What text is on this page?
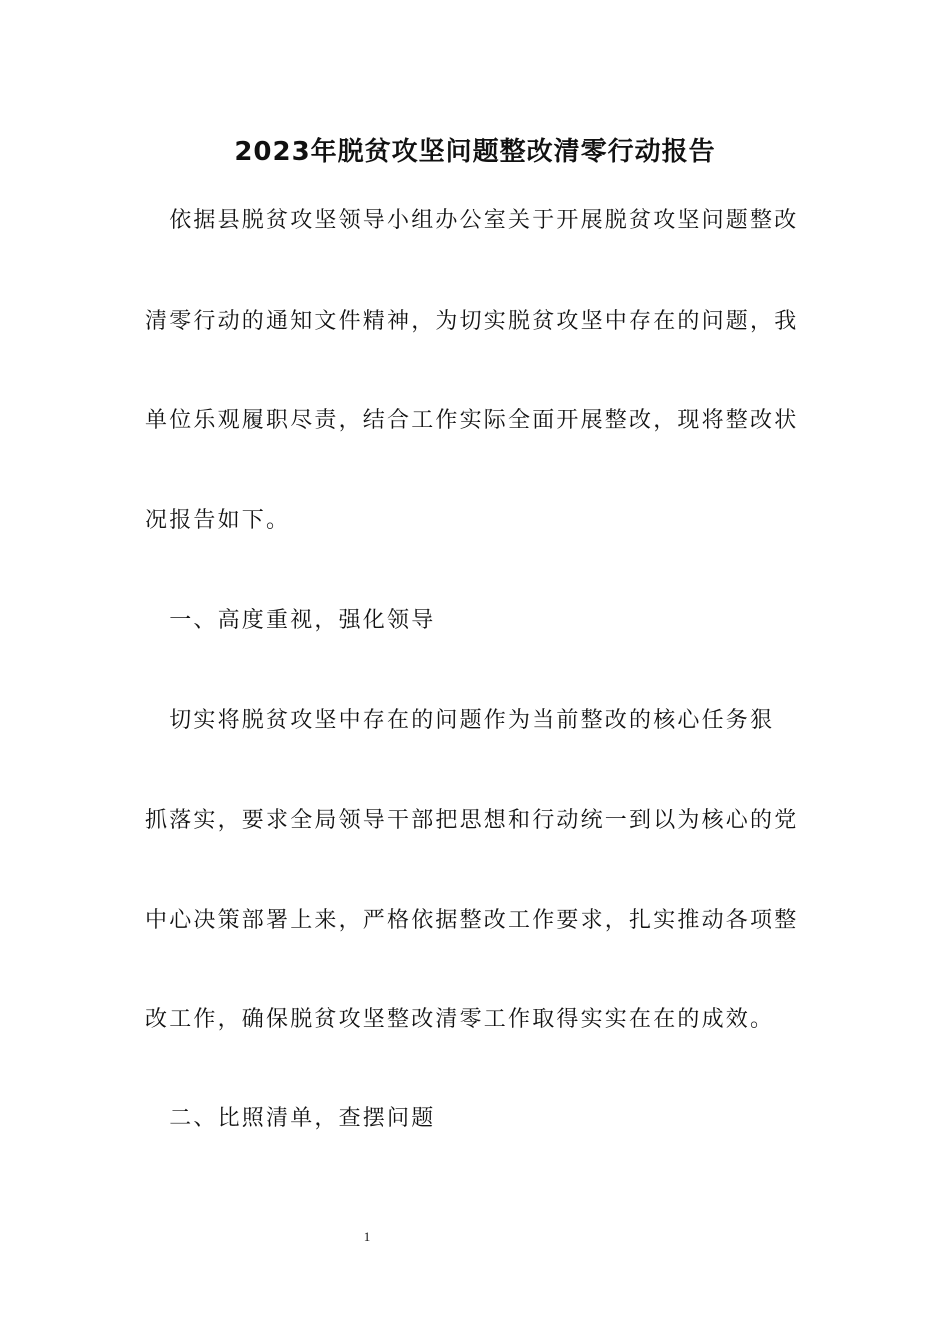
2023年脱贫攻坚问题整改清零行动报告
　依据县脱贫攻坚领导小组办公室关于开展脱贫攻坚问题整改
清零行动的通知文件精神，为切实脱贫攻坚中存在的问题，我
单位乐观履职尽责，结合工作实际全面开展整改，现将整改状
况报告如下。
　一、高度重视，强化领导
　切实将脱贫攻坚中存在的问题作为当前整改的核心任务狠
抓落实，要求全局领导干部把思想和行动统一到以为核心的党
中心决策部署上来，严格依据整改工作要求，扎实推动各项整
改工作，确保脱贫攻坚整改清零工作取得实实在在的成效。
　二、比照清单，查摆问题
1
